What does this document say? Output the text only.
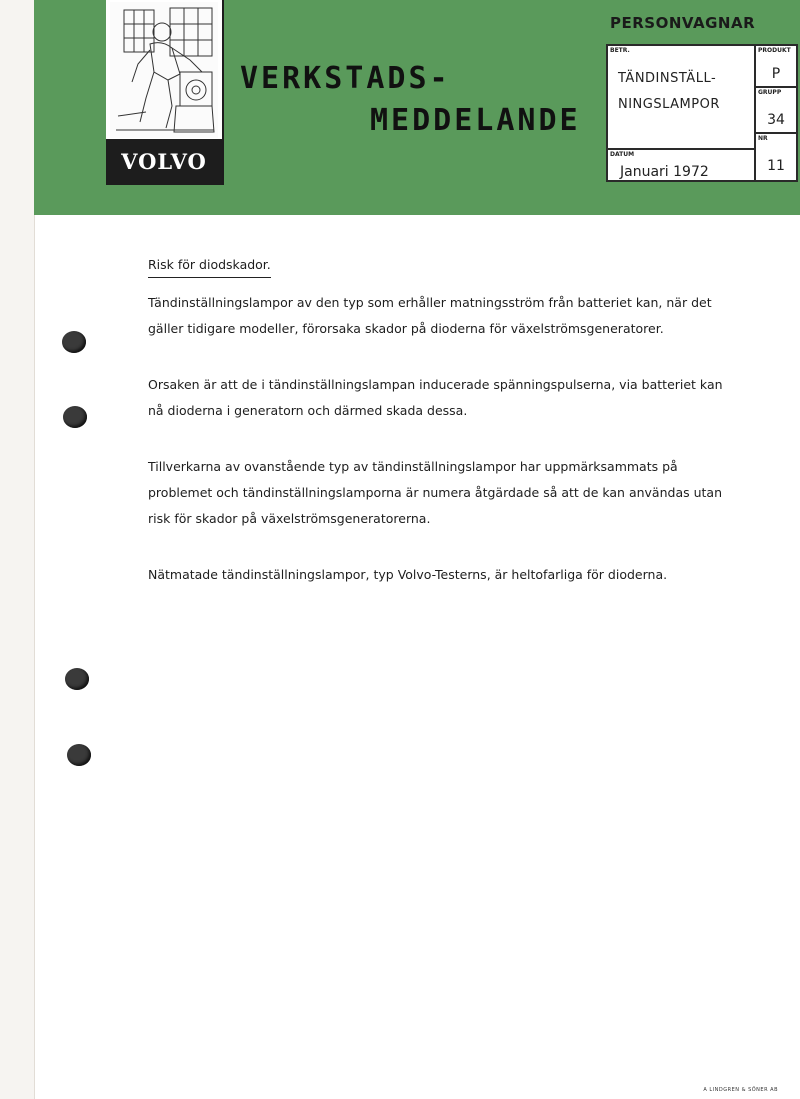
VOLVO
VERKSTADS-
MEDDELANDE
PERSONVAGNAR
BETR.
TÄNDINSTÄLL-
NINGSLAMPOR
DATUM
Januari 1972
PRODUKT
P
GRUPP
34
NR
11
Risk för diodskador.

Tändinställningslampor av den typ som erhåller matningsström från batteriet kan, när det gäller tidigare modeller, förorsaka skador på dioderna för växelströmsgeneratorer.

Orsaken är att de i tändinställningslampan inducerade spänningspulserna, via batteriet kan nå dioderna i generatorn och därmed skada dessa.

Tillverkarna av ovanstående typ av tändinställningslampor har uppmärksammats på problemet och tändinställningslamporna är numera åtgärdade så att de kan användas utan risk för skador på växelströmsgeneratorerna.

Nätmatade tändinställningslampor, typ Volvo-Testerns, är heltofarliga för dioderna.

A LINDGREN & SÖNER AB
